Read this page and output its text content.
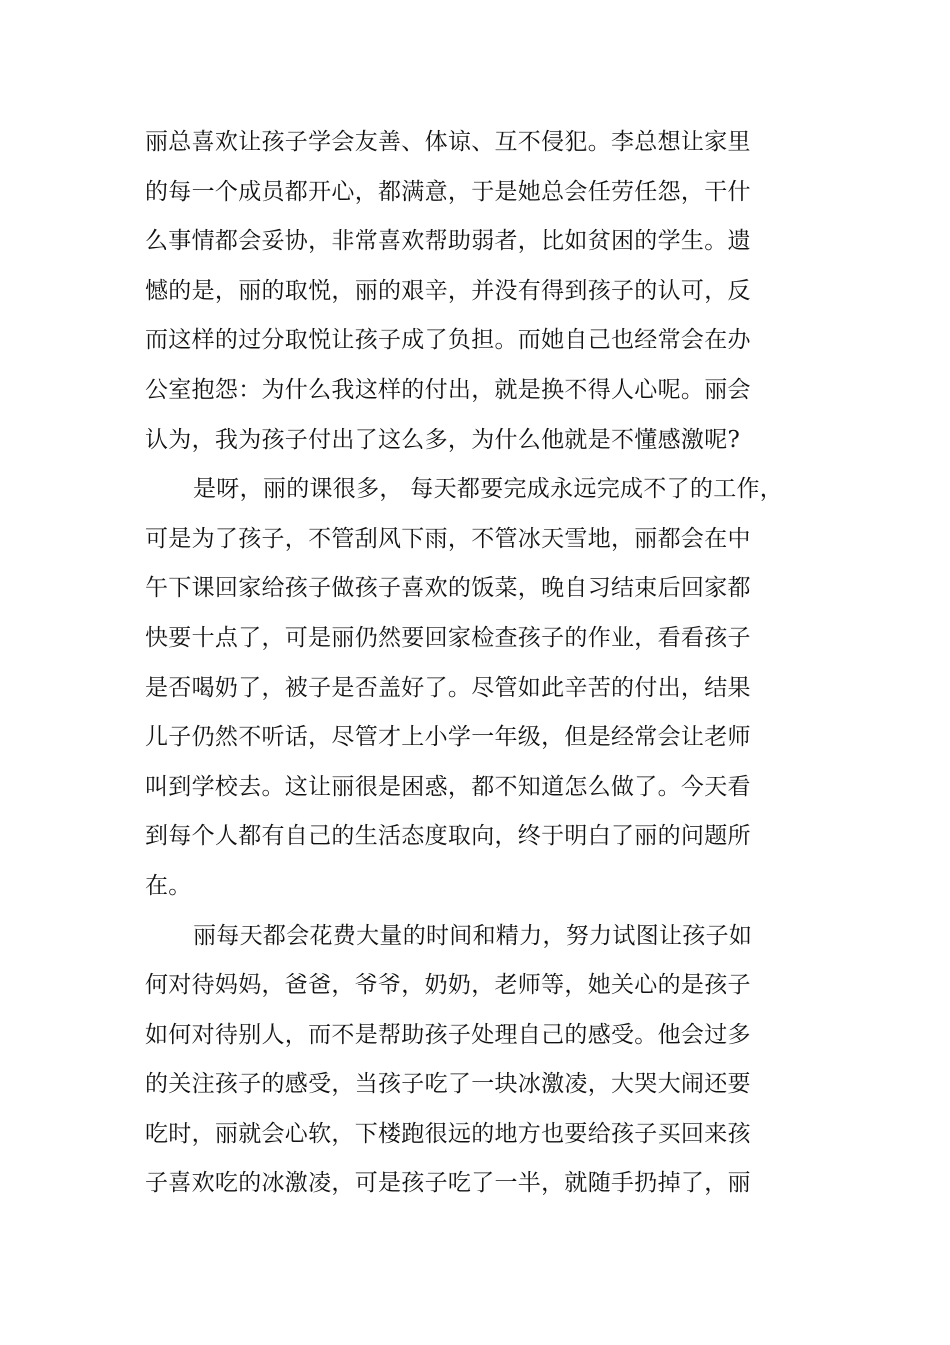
丽总喜欢让孩子学会友善、体谅、互不侵犯。李总想让家里
的每一个成员都开心，都满意，于是她总会任劳任怨，干什
么事情都会妥协，非常喜欢帮助弱者，比如贫困的学生。遗
憾的是，丽的取悦，丽的艰辛，并没有得到孩子的认可，反
而这样的过分取悦让孩子成了负担。而她自己也经常会在办
公室抱怨：为什么我这样的付出，就是换不得人心呢。丽会
认为，我为孩子付出了这么多，为什么他就是不懂感激呢?
是呀，丽的课很多， 每天都要完成永远完成不了的工作，
可是为了孩子，不管刮风下雨，不管冰天雪地，丽都会在中
午下课回家给孩子做孩子喜欢的饭菜，晚自习结束后回家都
快要十点了，可是丽仍然要回家检查孩子的作业，看看孩子
是否喝奶了，被子是否盖好了。尽管如此辛苦的付出，结果
儿子仍然不听话，尽管才上小学一年级，但是经常会让老师
叫到学校去。这让丽很是困惑，都不知道怎么做了。今天看
到每个人都有自己的生活态度取向，终于明白了丽的问题所
在。
丽每天都会花费大量的时间和精力，努力试图让孩子如
何对待妈妈，爸爸，爷爷，奶奶，老师等，她关心的是孩子
如何对待别人，而不是帮助孩子处理自己的感受。他会过多
的关注孩子的感受，当孩子吃了一块冰激凌，大哭大闹还要
吃时，丽就会心软，下楼跑很远的地方也要给孩子买回来孩
子喜欢吃的冰激凌，可是孩子吃了一半，就随手扔掉了，丽
